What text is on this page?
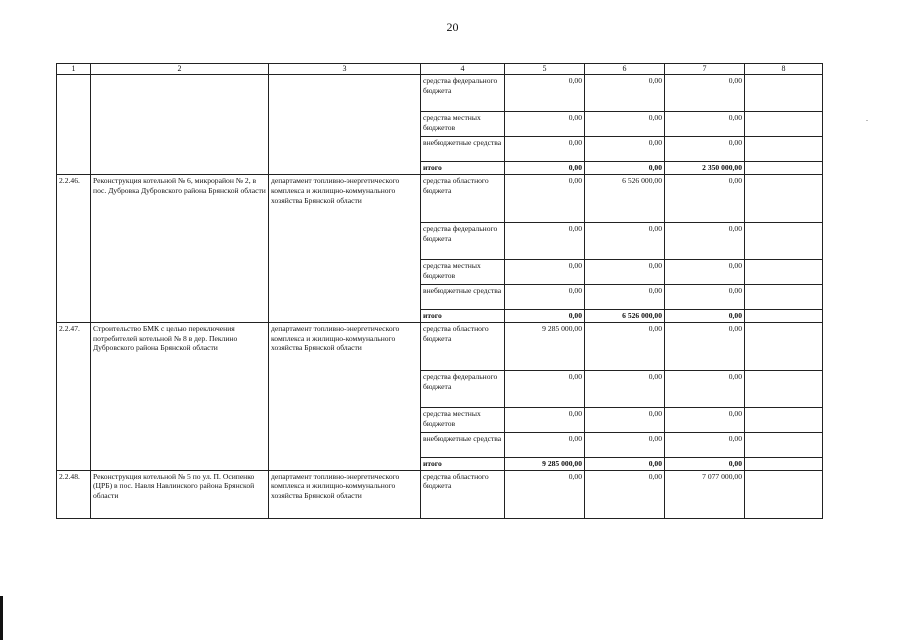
20
1	2	3	4	5	6	7	8
			средства федерального бюджета	0,00	0,00	0,00	
			средства местных бюджетов	0,00	0,00	0,00	
			внебюджетные средства	0,00	0,00	0,00	
			итого	0,00	0,00	2 350 000,00	
2.2.46.	Реконструкция котельной № 6, микрорайон № 2, в пос. Дубровка Дубровского района Брянской области	департамент топливно-энергетического комплекса и жилищно-коммунального хозяйства Брянской области	средства областного бюджета	0,00	6 526 000,00	0,00	
			средства федерального бюджета	0,00	0,00	0,00	
			средства местных бюджетов	0,00	0,00	0,00	
			внебюджетные средства	0,00	0,00	0,00	
			итого	0,00	6 526 000,00	0,00	
2.2.47.	Строительство БМК с целью переключения потребителей котельной № 8 в дер. Пеклино Дубровского района Брянской области	департамент топливно-энергетического комплекса и жилищно-коммунального хозяйства Брянской области	средства областного бюджета	9 285 000,00	0,00	0,00	
			средства федерального бюджета	0,00	0,00	0,00	
			средства местных бюджетов	0,00	0,00	0,00	
			внебюджетные средства	0,00	0,00	0,00	
			итого	9 285 000,00	0,00	0,00	
2.2.48.	Реконструкция котельной № 5 по ул. П. Осипенко (ЦРБ) в пос. Навля Навлинского района Брянской области	департамент топливно-энергетического комплекса и жилищно-коммунального хозяйства Брянской области	средства областного бюджета	0,00	0,00	7 077 000,00	
